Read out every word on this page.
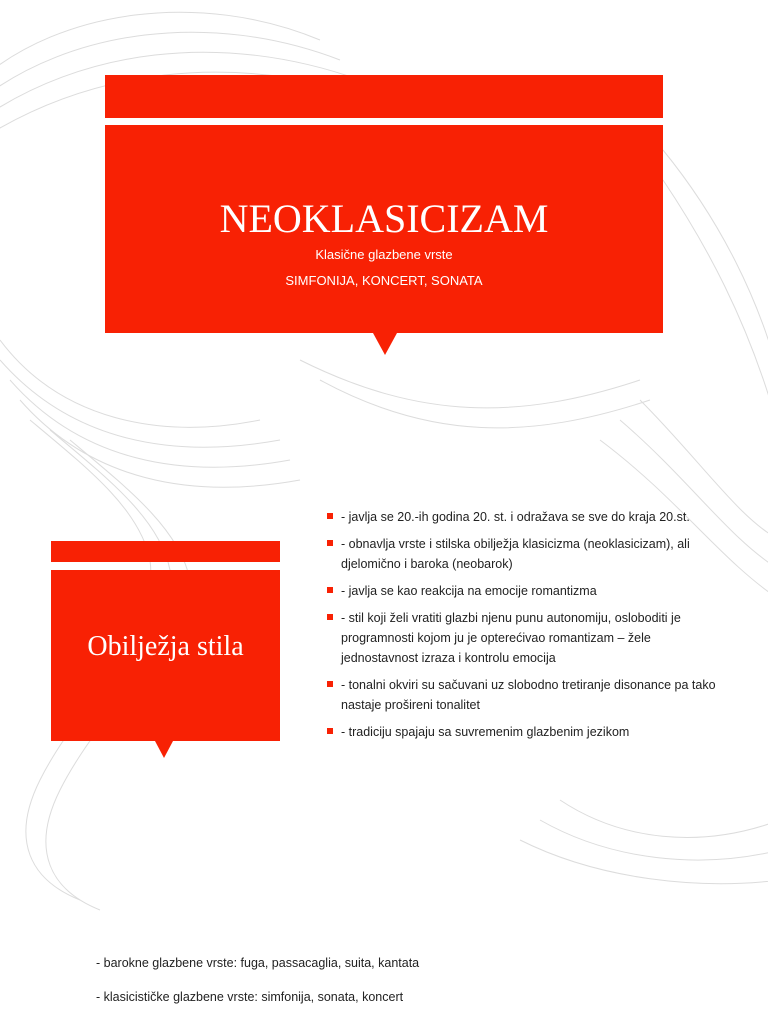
NEOKLASICIZAM
Klasične glazbene vrste
SIMFONIJA, KONCERT, SONATA
Obilježja stila
- javlja se 20.-ih godina 20. st. i odražava se sve do kraja 20.st.
- obnavlja vrste i stilska obilježja klasicizma (neoklasicizam), ali djelomično i baroka (neobarok)
- javlja se kao reakcija na emocije romantizma
- stil koji želi vratiti glazbi njenu punu autonomiju, osloboditi je programnosti kojom ju je opterećivao romantizam – žele jednostavnost izraza i kontrolu emocija
- tonalni okviri su sačuvani uz slobodno tretiranje disonance pa tako nastaje prošireni tonalitet
- tradiciju spajaju sa suvremenim glazbenim jezikom
- barokne glazbene vrste: fuga, passacaglia, suita, kantata
- klasicističke glazbene vrste: simfonija, sonata, koncert
